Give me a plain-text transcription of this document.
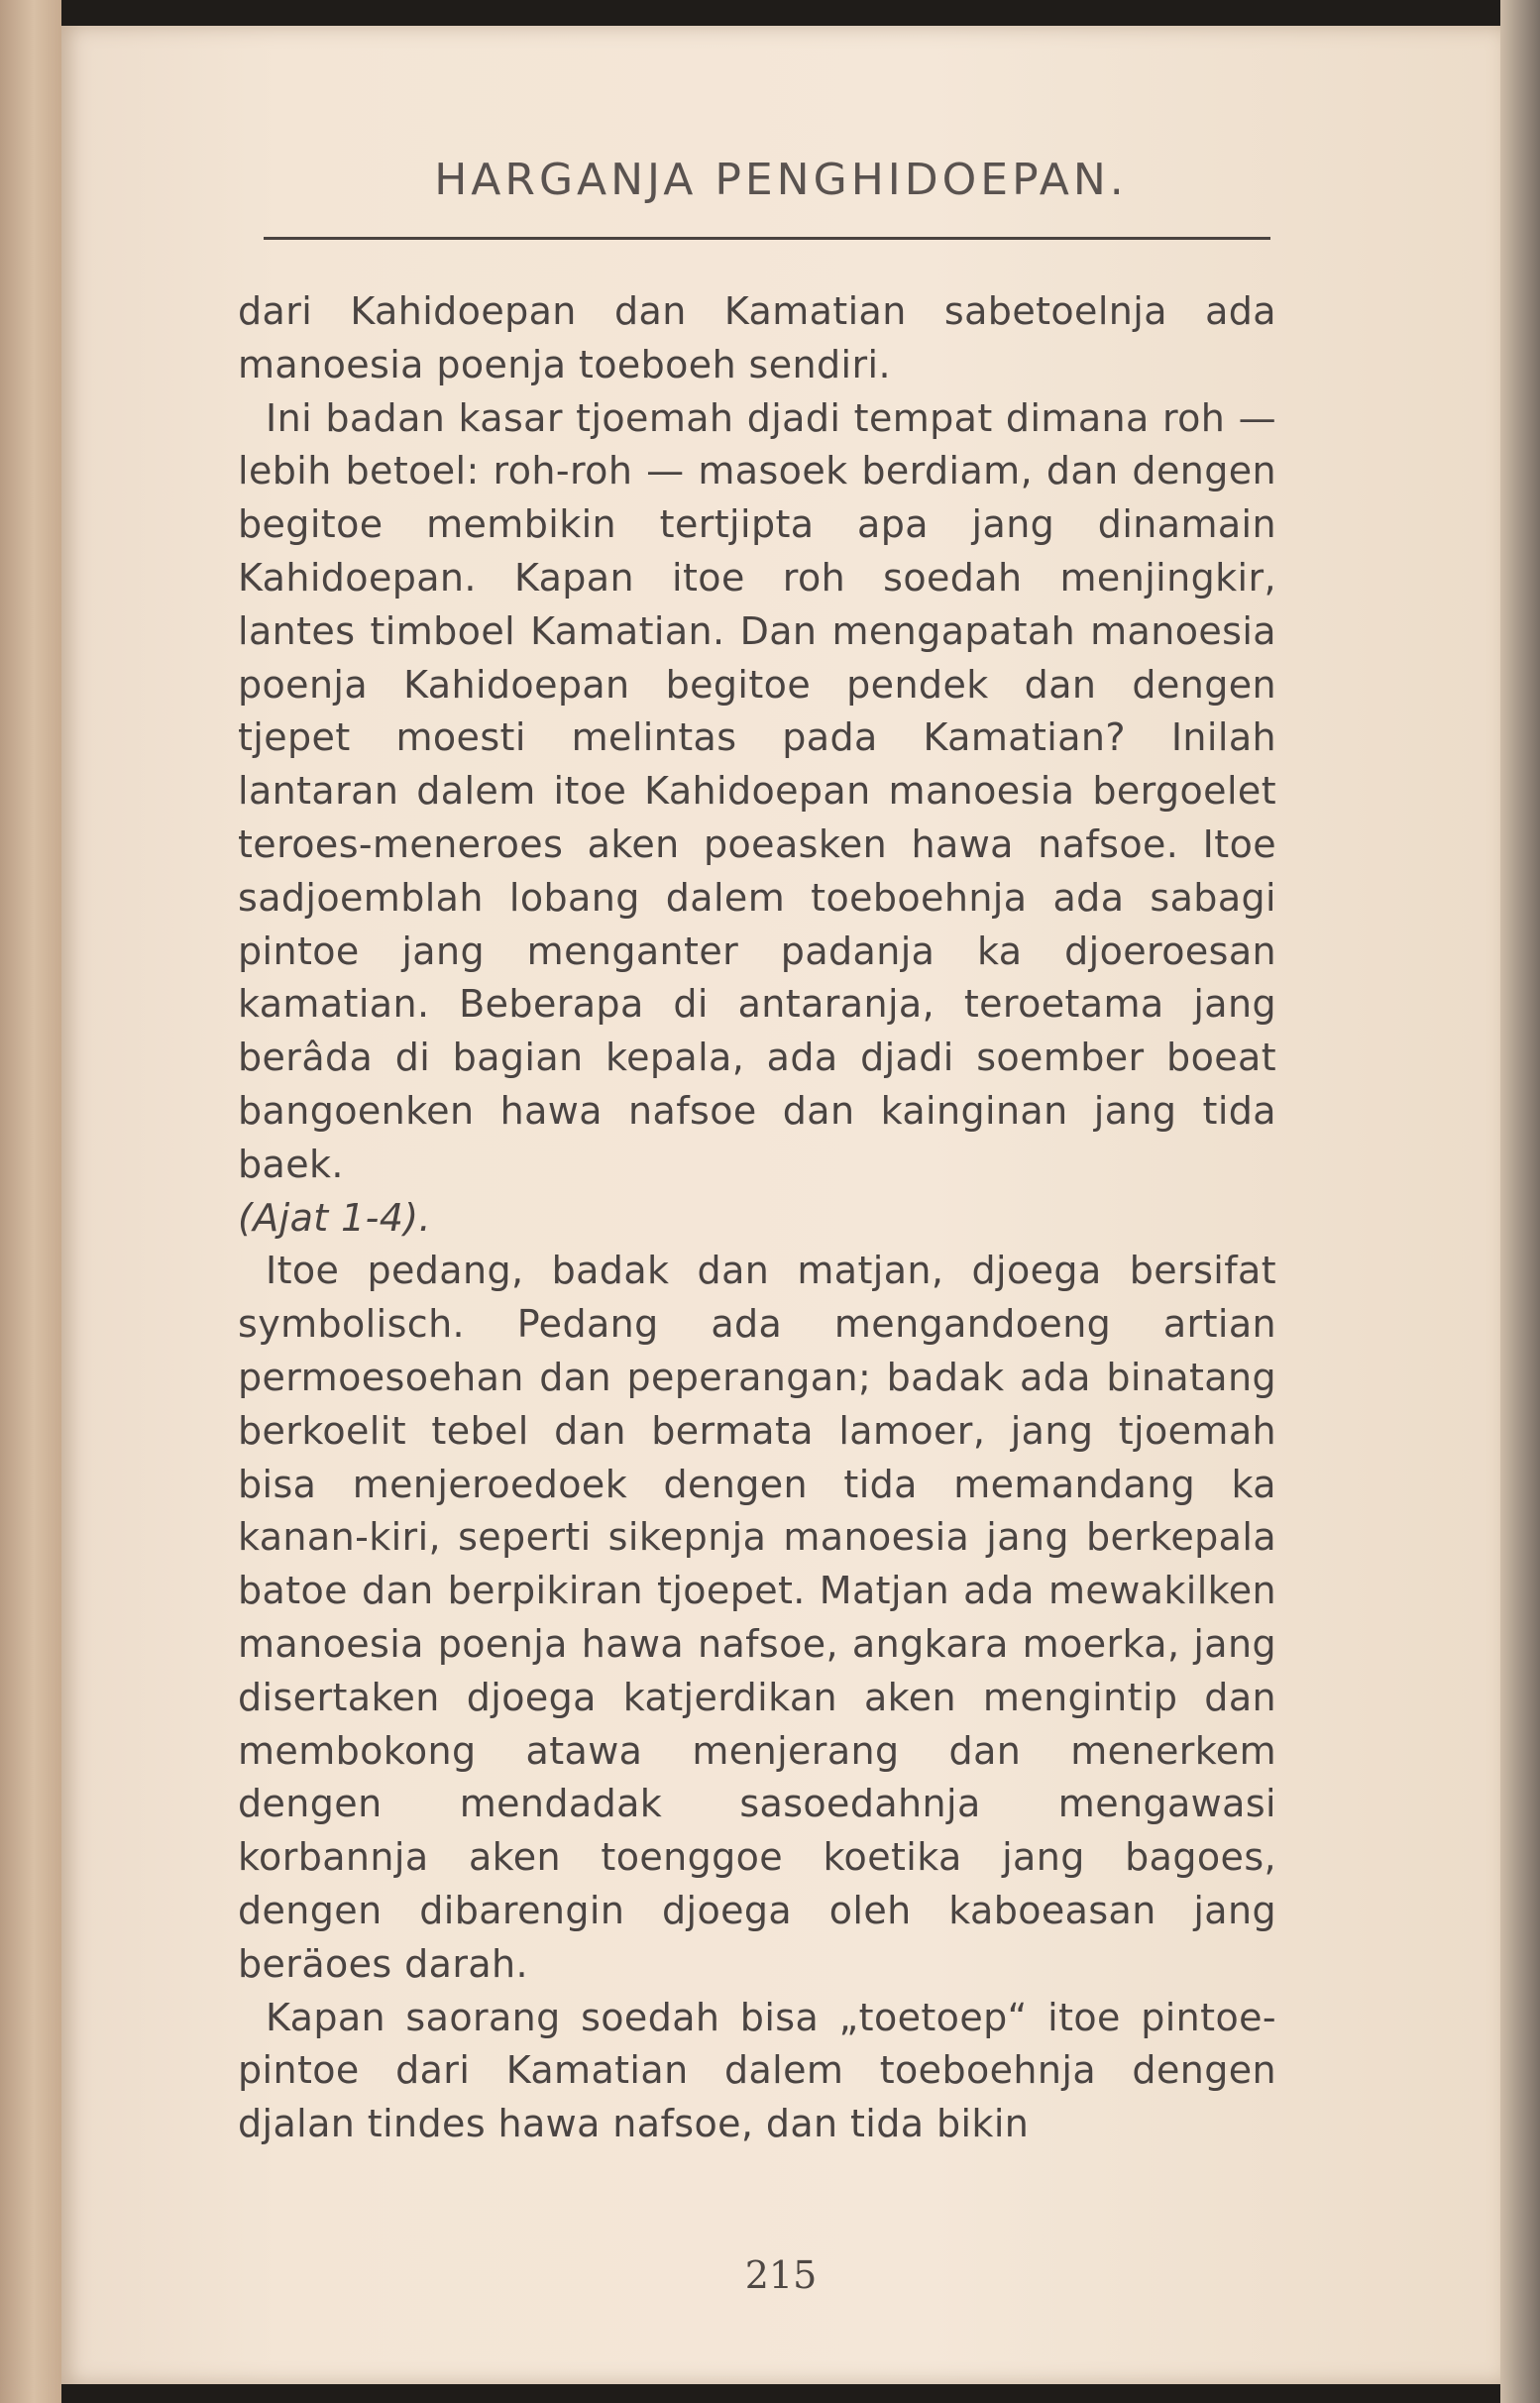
HARGANJA PENGHIDOEPAN.

dari Kahidoepan dan Kamatian sabetoelnja ada manoesia poenja toeboeh sendiri.

Ini badan kasar tjoemah djadi tempat dimana roh — lebih betoel: roh-roh — masoek berdiam, dan dengen begitoe membikin tertjipta apa jang dinamain Kahidoepan. Kapan itoe roh soedah menjingkir, lantes timboel Kamatian. Dan mengapatah manoesia poenja Kahidoepan begitoe pendek dan dengen tjepet moesti melintas pada Kamatian? Inilah lantaran dalem itoe Kahidoepan manoesia bergoelet teroes-meneroes aken poeasken hawa nafsoe. Itoe sadjoemblah lobang dalem toeboehnja ada sabagi pintoe jang menganter padanja ka djoeroesan kamatian. Beberapa di antaranja, teroetama jang berâda di bagian kepala, ada djadi soember boeat bangoenken hawa nafsoe dan kainginan jang tida baek.
(Ajat 1-4).

Itoe pedang, badak dan matjan, djoega bersifat symbolisch. Pedang ada mengandoeng artian permoesoehan dan peperangan; badak ada binatang berkoelit tebel dan bermata lamoer, jang tjoemah bisa menjeroedoek dengen tida memandang ka kanan-kiri, seperti sikepnja manoesia jang berkepala batoe dan berpikiran tjoepet. Matjan ada mewakilken manoesia poenja hawa nafsoe, angkara moerka, jang disertaken djoega katjerdikan aken mengintip dan membokong atawa menjerang dan menerkem dengen mendadak sasoedahnja mengawasi korbannja aken toenggoe koetika jang bagoes, dengen dibarengin djoega oleh kaboeasan jang beräoes darah.

Kapan saorang soedah bisa „toetoep“ itoe pintoe-pintoe dari Kamatian dalem toeboehnja dengen djalan tindes hawa nafsoe, dan tida bikin

215
